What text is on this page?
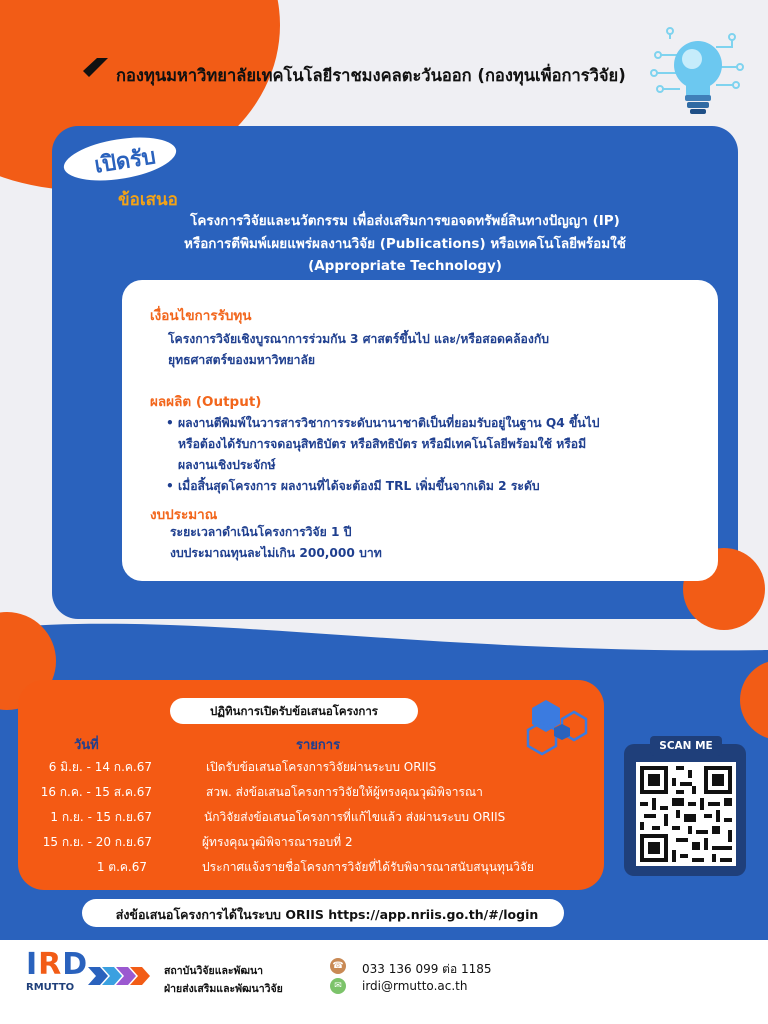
กองทุนมหาวิทยาลัยเทคโนโลยีราชมงคลตะวันออก (กองทุนเพื่อการวิจัย)
เปิดรับ
ข้อเสนอ
โครงการวิจัยและนวัตกรรม เพื่อส่งเสริมการขอจดทรัพย์สินทางปัญญา (IP)
หรือการตีพิมพ์เผยแพร่ผลงานวิจัย (Publications) หรือเทคโนโลยีพร้อมใช้
(Appropriate Technology)
เงื่อนไขการรับทุน
โครงการวิจัยเชิงบูรณาการร่วมกัน 3 ศาสตร์ขึ้นไป และ/หรือสอดคล้องกับ
ยุทธศาสตร์ของมหาวิทยาลัย
ผลผลิต (Output)
• ผลงานตีพิมพ์ในวารสารวิชาการระดับนานาชาติเป็นที่ยอมรับอยู่ในฐาน Q4 ขึ้นไป
หรือต้องได้รับการจดอนุสิทธิบัตร หรือสิทธิบัตร หรือมีเทคโนโลยีพร้อมใช้ หรือมี
ผลงานเชิงประจักษ์
• เมื่อสิ้นสุดโครงการ ผลงานที่ได้จะต้องมี TRL เพิ่มขึ้นจากเดิม 2 ระดับ
งบประมาณ
ระยะเวลาดำเนินโครงการวิจัย 1 ปี
งบประมาณทุนละไม่เกิน 200,000 บาท
ปฏิทินการเปิดรับข้อเสนอโครงการ
วันที่	รายการ
6 มิ.ย. - 14 ก.ค.67	เปิดรับข้อเสนอโครงการวิจัยผ่านระบบ ORIIS
16 ก.ค. - 15 ส.ค.67	สวพ. ส่งข้อเสนอโครงการวิจัยให้ผู้ทรงคุณวุฒิพิจารณา
1 ก.ย. - 15 ก.ย.67	นักวิจัยส่งข้อเสนอโครงการที่แก้ไขแล้ว ส่งผ่านระบบ ORIIS
15 ก.ย. - 20 ก.ย.67	ผู้ทรงคุณวุฒิพิจารณารอบที่ 2
1 ต.ค.67	ประกาศแจ้งรายชื่อโครงการวิจัยที่ได้รับพิจารณาสนับสนุนทุนวิจัย
SCAN ME
ส่งข้อเสนอโครงการได้ในระบบ ORIIS https://app.nriis.go.th/#/login
IRD
RMUTTO
สถาบันวิจัยและพัฒนา
ฝ่ายส่งเสริมและพัฒนาวิจัย
☎ 033 136 099 ต่อ 1185
✉	irdi@rmutto.ac.th
